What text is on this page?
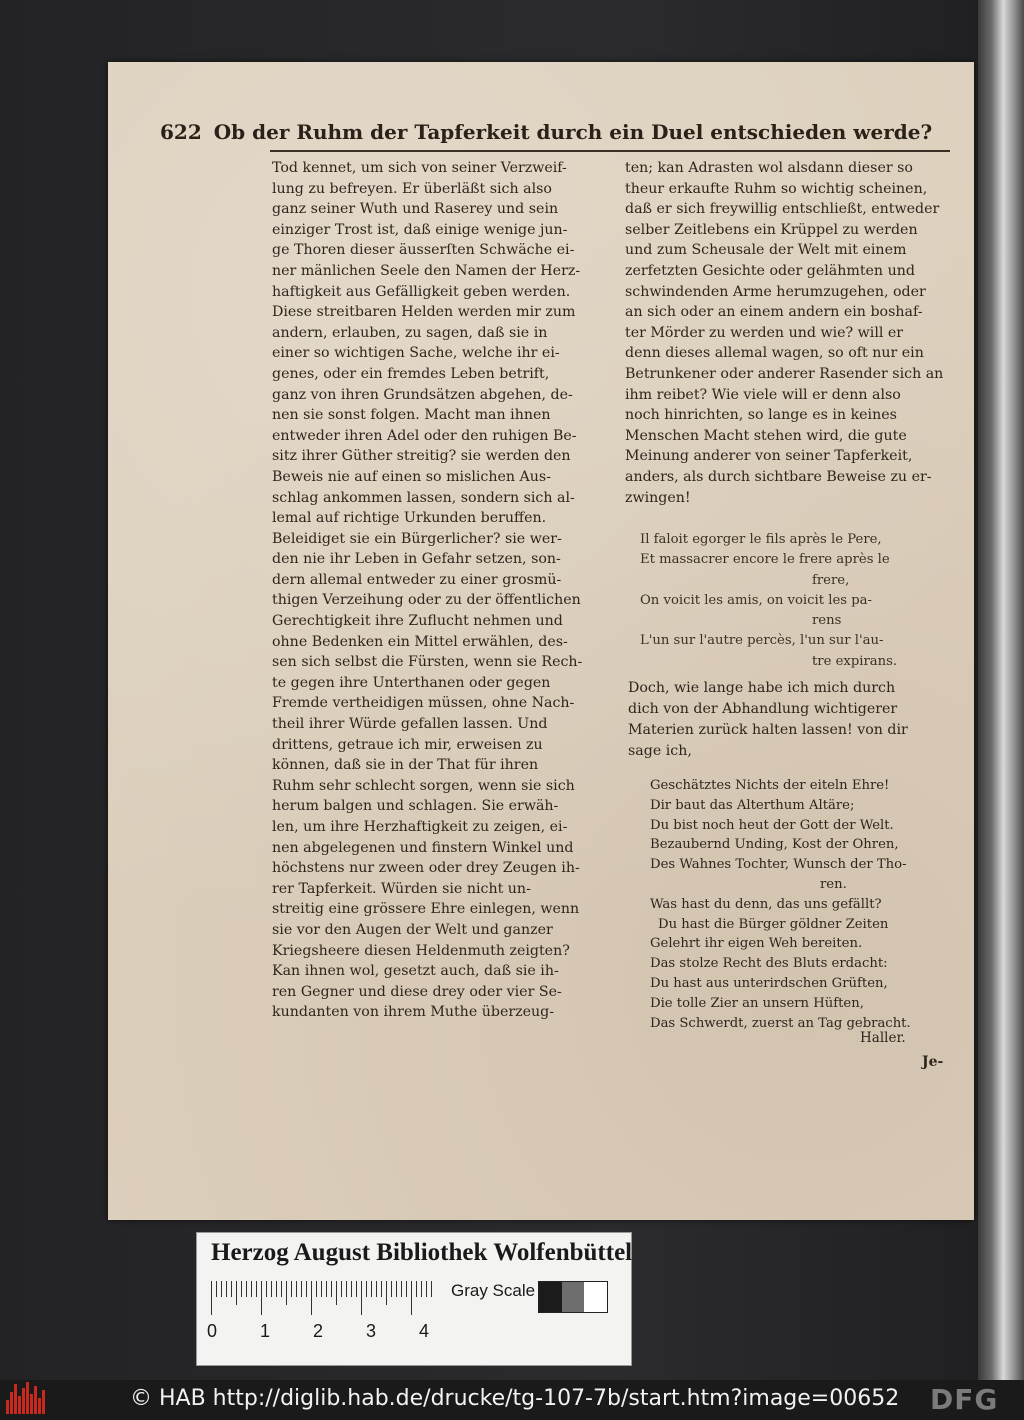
622 Ob der Ruhm der Tapferkeit durch ein Duel entschieden werde?
Tod kennet, um sich von seiner Verzweif-
lung zu befreyen. Er überläßt sich also
ganz seiner Wuth und Raserey und sein
einziger Trost ist, daß einige wenige jun-
ge Thoren dieser äusserſten Schwäche ei-
ner mänlichen Seele den Namen der Herz-
haftigkeit aus Gefälligkeit geben werden.
Diese streitbaren Helden werden mir zum
andern, erlauben, zu sagen, daß sie in
einer so wichtigen Sache, welche ihr ei-
genes, oder ein fremdes Leben betrift,
ganz von ihren Grundsätzen abgehen, de-
nen sie sonst folgen. Macht man ihnen
entweder ihren Adel oder den ruhigen Be-
sitz ihrer Güther streitig? sie werden den
Beweis nie auf einen so mislichen Aus-
schlag ankommen lassen, sondern sich al-
lemal auf richtige Urkunden beruffen.
Beleidiget sie ein Bürgerlicher? sie wer-
den nie ihr Leben in Gefahr setzen, son-
dern allemal entweder zu einer grosmü-
thigen Verzeihung oder zu der öffentlichen
Gerechtigkeit ihre Zuflucht nehmen und
ohne Bedenken ein Mittel erwählen, des-
sen sich selbst die Fürsten, wenn sie Rech-
te gegen ihre Unterthanen oder gegen
Fremde vertheidigen müssen, ohne Nach-
theil ihrer Würde gefallen lassen. Und
drittens, getraue ich mir, erweisen zu
können, daß sie in der That für ihren
Ruhm sehr schlecht sorgen, wenn sie sich
herum balgen und schlagen. Sie erwäh-
len, um ihre Herzhaftigkeit zu zeigen, ei-
nen abgelegenen und finstern Winkel und
höchstens nur zween oder drey Zeugen ih-
rer Tapferkeit. Würden sie nicht un-
streitig eine grössere Ehre einlegen, wenn
sie vor den Augen der Welt und ganzer
Kriegsheere diesen Heldenmuth zeigten?
Kan ihnen wol, gesetzt auch, daß sie ih-
ren Gegner und diese drey oder vier Se-
kundanten von ihrem Muthe überzeug-
ten; kan Adrasten wol alsdann dieser so
theur erkaufte Ruhm so wichtig scheinen,
daß er sich freywillig entschließt, entweder
selber Zeitlebens ein Krüppel zu werden
und zum Scheusale der Welt mit einem
zerfetzten Gesichte oder gelähmten und
schwindenden Arme herumzugehen, oder
an sich oder an einem andern ein boshaf-
ter Mörder zu werden und wie? will er
denn dieses allemal wagen, so oft nur ein
Betrunkener oder anderer Rasender sich an
ihm reibet? Wie viele will er denn also
noch hinrichten, so lange es in keines
Menschen Macht stehen wird, die gute
Meinung anderer von seiner Tapferkeit,
anders, als durch sichtbare Beweise zu er-
zwingen!
Il faloit egorger le fils après le Pere,
Et massacrer encore le frere après le
frere,
On voicit les amis, on voicit les pa-
rens
L'un sur l'autre percès, l'un sur l'au-
tre expirans.
Doch, wie lange habe ich mich durch
dich von der Abhandlung wichtigerer
Materien zurück halten lassen! von dir
sage ich,
Geschätztes Nichts der eiteln Ehre!
Dir baut das Alterthum Altäre;
Du bist noch heut der Gott der Welt.
Bezaubernd Unding, Kost der Ohren,
Des Wahnes Tochter, Wunsch der Tho-
ren.
Was hast du denn, das uns gefällt?
Du hast die Bürger göldner Zeiten
Gelehrt ihr eigen Weh bereiten.
Das stolze Recht des Bluts erdacht:
Du hast aus unterirdschen Grüften,
Die tolle Zier an unsern Hüften,
Das Schwerdt, zuerst an Tag gebracht.
Haller.
Je-
Herzog August Bibliothek Wolfenbüttel
Gray Scale
0 1 2 3 4
© HAB http://diglib.hab.de/drucke/tg-107-7b/start.htm?image=00652 DFG
